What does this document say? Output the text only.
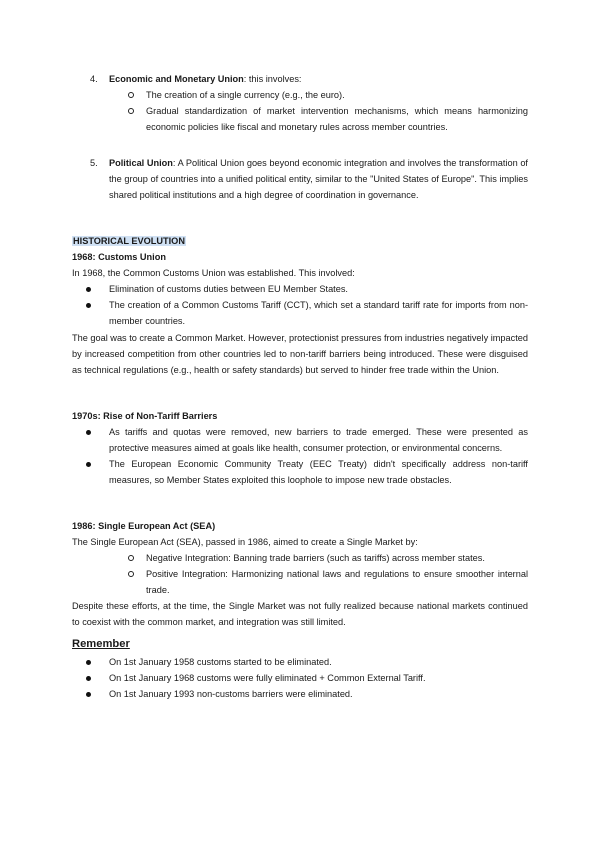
4.	Economic and Monetary Union: this involves:
The creation of a single currency (e.g., the euro).
Gradual standardization of market intervention mechanisms, which means harmonizing economic policies like fiscal and monetary rules across member countries.
5.	Political Union: A Political Union goes beyond economic integration and involves the transformation of the group of countries into a unified political entity, similar to the "United States of Europe". This implies shared political institutions and a high degree of coordination in governance.
HISTORICAL EVOLUTION
1968: Customs Union
In 1968, the Common Customs Union was established. This involved:
Elimination of customs duties between EU Member States.
The creation of a Common Customs Tariff (CCT), which set a standard tariff rate for imports from non-member countries.
The goal was to create a Common Market. However, protectionist pressures from industries negatively impacted by increased competition from other countries led to non-tariff barriers being introduced. These were disguised as technical regulations (e.g., health or safety standards) but served to hinder free trade within the Union.
1970s: Rise of Non-Tariff Barriers
As tariffs and quotas were removed, new barriers to trade emerged. These were presented as protective measures aimed at goals like health, consumer protection, or environmental concerns.
The European Economic Community Treaty (EEC Treaty) didn't specifically address non-tariff measures, so Member States exploited this loophole to impose new trade obstacles.
1986: Single European Act (SEA)
The Single European Act (SEA), passed in 1986, aimed to create a Single Market by:
Negative Integration: Banning trade barriers (such as tariffs) across member states.
Positive Integration: Harmonizing national laws and regulations to ensure smoother internal trade.
Despite these efforts, at the time, the Single Market was not fully realized because national markets continued to coexist with the common market, and integration was still limited.
Remember
On 1st January 1958 customs started to be eliminated.
On 1st January 1968 customs were fully eliminated + Common External Tariff.
On 1st January 1993 non-customs barriers were eliminated.
